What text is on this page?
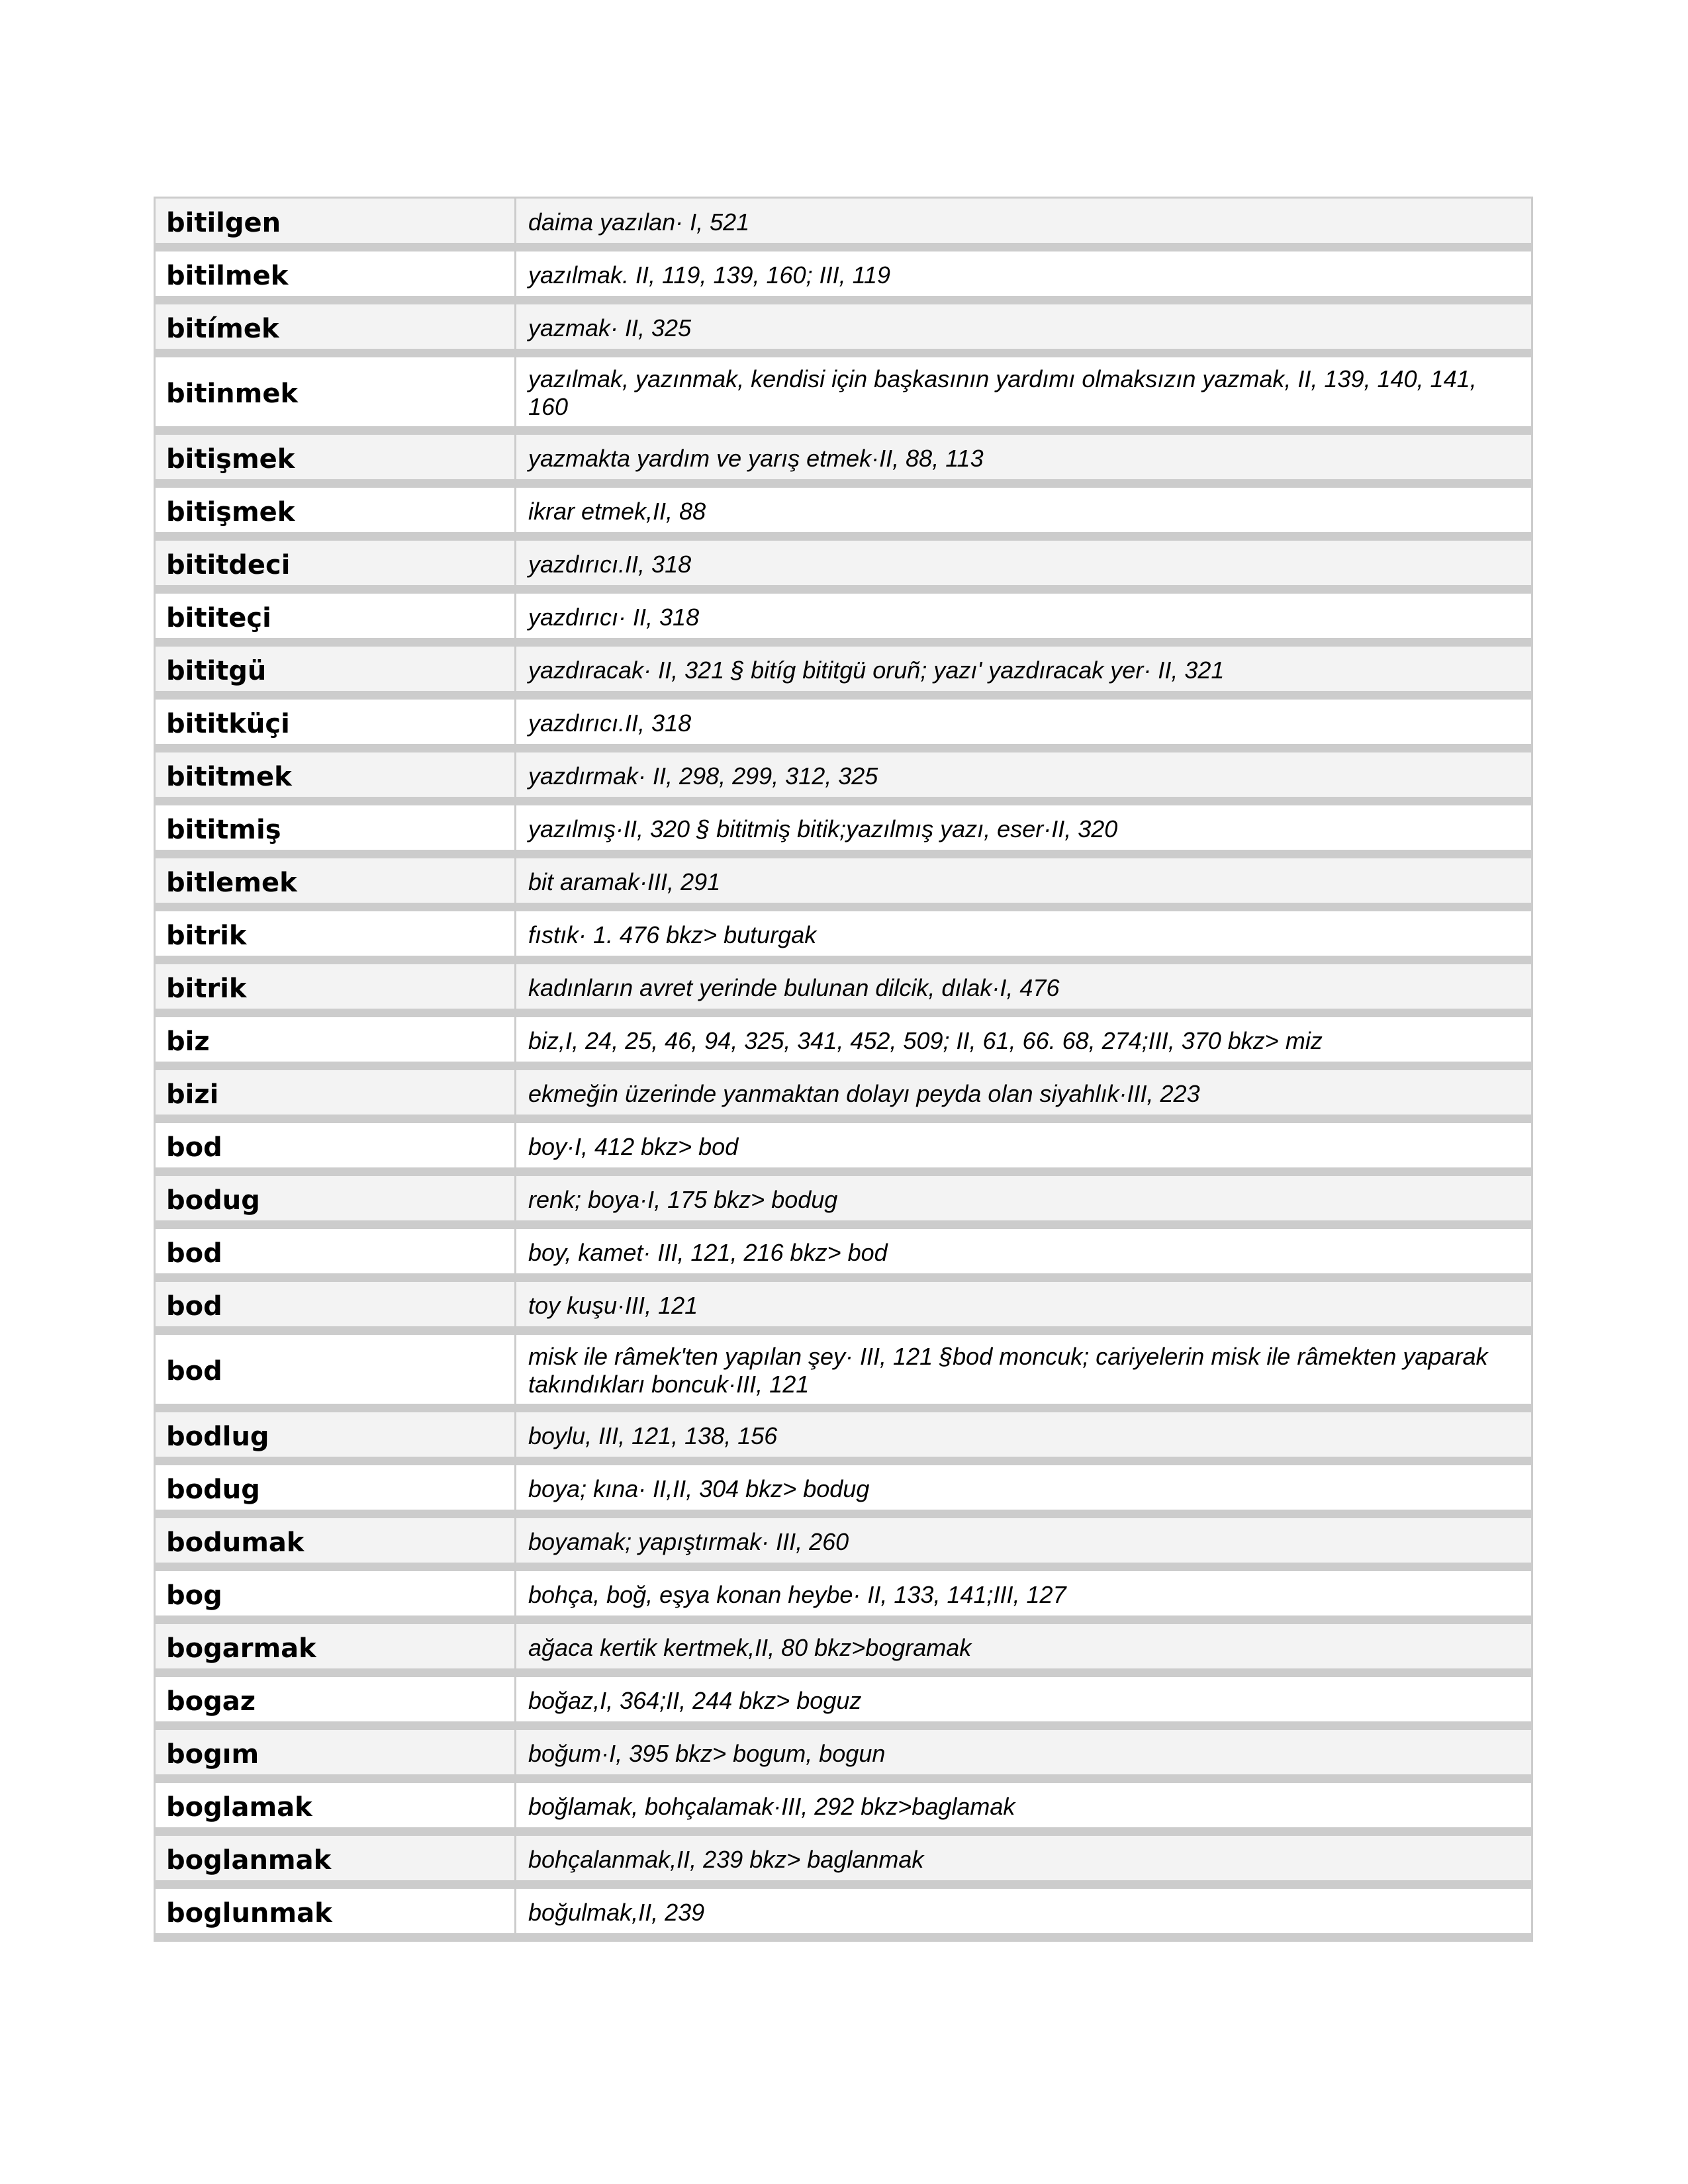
bitilgen	daima yazılan· I, 521
bitilmek	yazılmak. II, 119, 139, 160; III, 119
bitímek	yazmak· II, 325
bitinmek	yazılmak, yazınmak, kendisi için başkasının yardımı olmaksızın yazmak, II, 139, 140, 141, 160
bitişmek	yazmakta yardım ve yarış etmek·II, 88, 113
bitişmek	ikrar etmek,II, 88
bititdeci	yazdırıcı.II, 318
bititeçi	yazdırıcı· II, 318
bititgü	yazdıracak· II, 321 § bitíg bititgü oruñ; yazı' yazdıracak yer· II, 321
bititküçi	yazdırıcı.II, 318
bititmek	yazdırmak· II, 298, 299, 312, 325
bititmiş	yazılmış·II, 320 § bititmiş bitik;yazılmış yazı, eser·II, 320
bitlemek	bit aramak·III, 291
bitrik	fıstık· 1. 476 bkz> buturgak
bitrik	kadınların avret yerinde bulunan dilcik, dılak·I, 476
biz	biz,I, 24, 25, 46, 94, 325, 341, 452, 509; II, 61, 66. 68, 274;III, 370 bkz> miz
bizi	ekmeğin üzerinde yanmaktan dolayı peyda olan siyahlık·III, 223
bod	boy·I, 412 bkz> bod
bodug	renk; boya·I, 175 bkz> bodug
bod	boy, kamet· III, 121, 216 bkz> bod
bod	toy kuşu·III, 121
bod	misk ile râmek'ten yapılan şey· III, 121 §bod moncuk; cariyelerin misk ile râmekten yaparak takındıkları boncuk·III, 121
bodlug	boylu, III, 121, 138, 156
bodug	boya; kına· II,II, 304 bkz> bodug
bodumak	boyamak; yapıştırmak· III, 260
bog	bohça, boğ, eşya konan heybe· II, 133, 141;III, 127
bogarmak	ağaca kertik kertmek,II, 80 bkz>bogramak
bogaz	boğaz,I, 364;II, 244 bkz> boguz
bogım	boğum·I, 395 bkz> bogum, bogun
boglamak	boğlamak, bohçalamak·III, 292 bkz>baglamak
boglanmak	bohçalanmak,II, 239 bkz> baglanmak
boglunmak	boğulmak,II, 239
